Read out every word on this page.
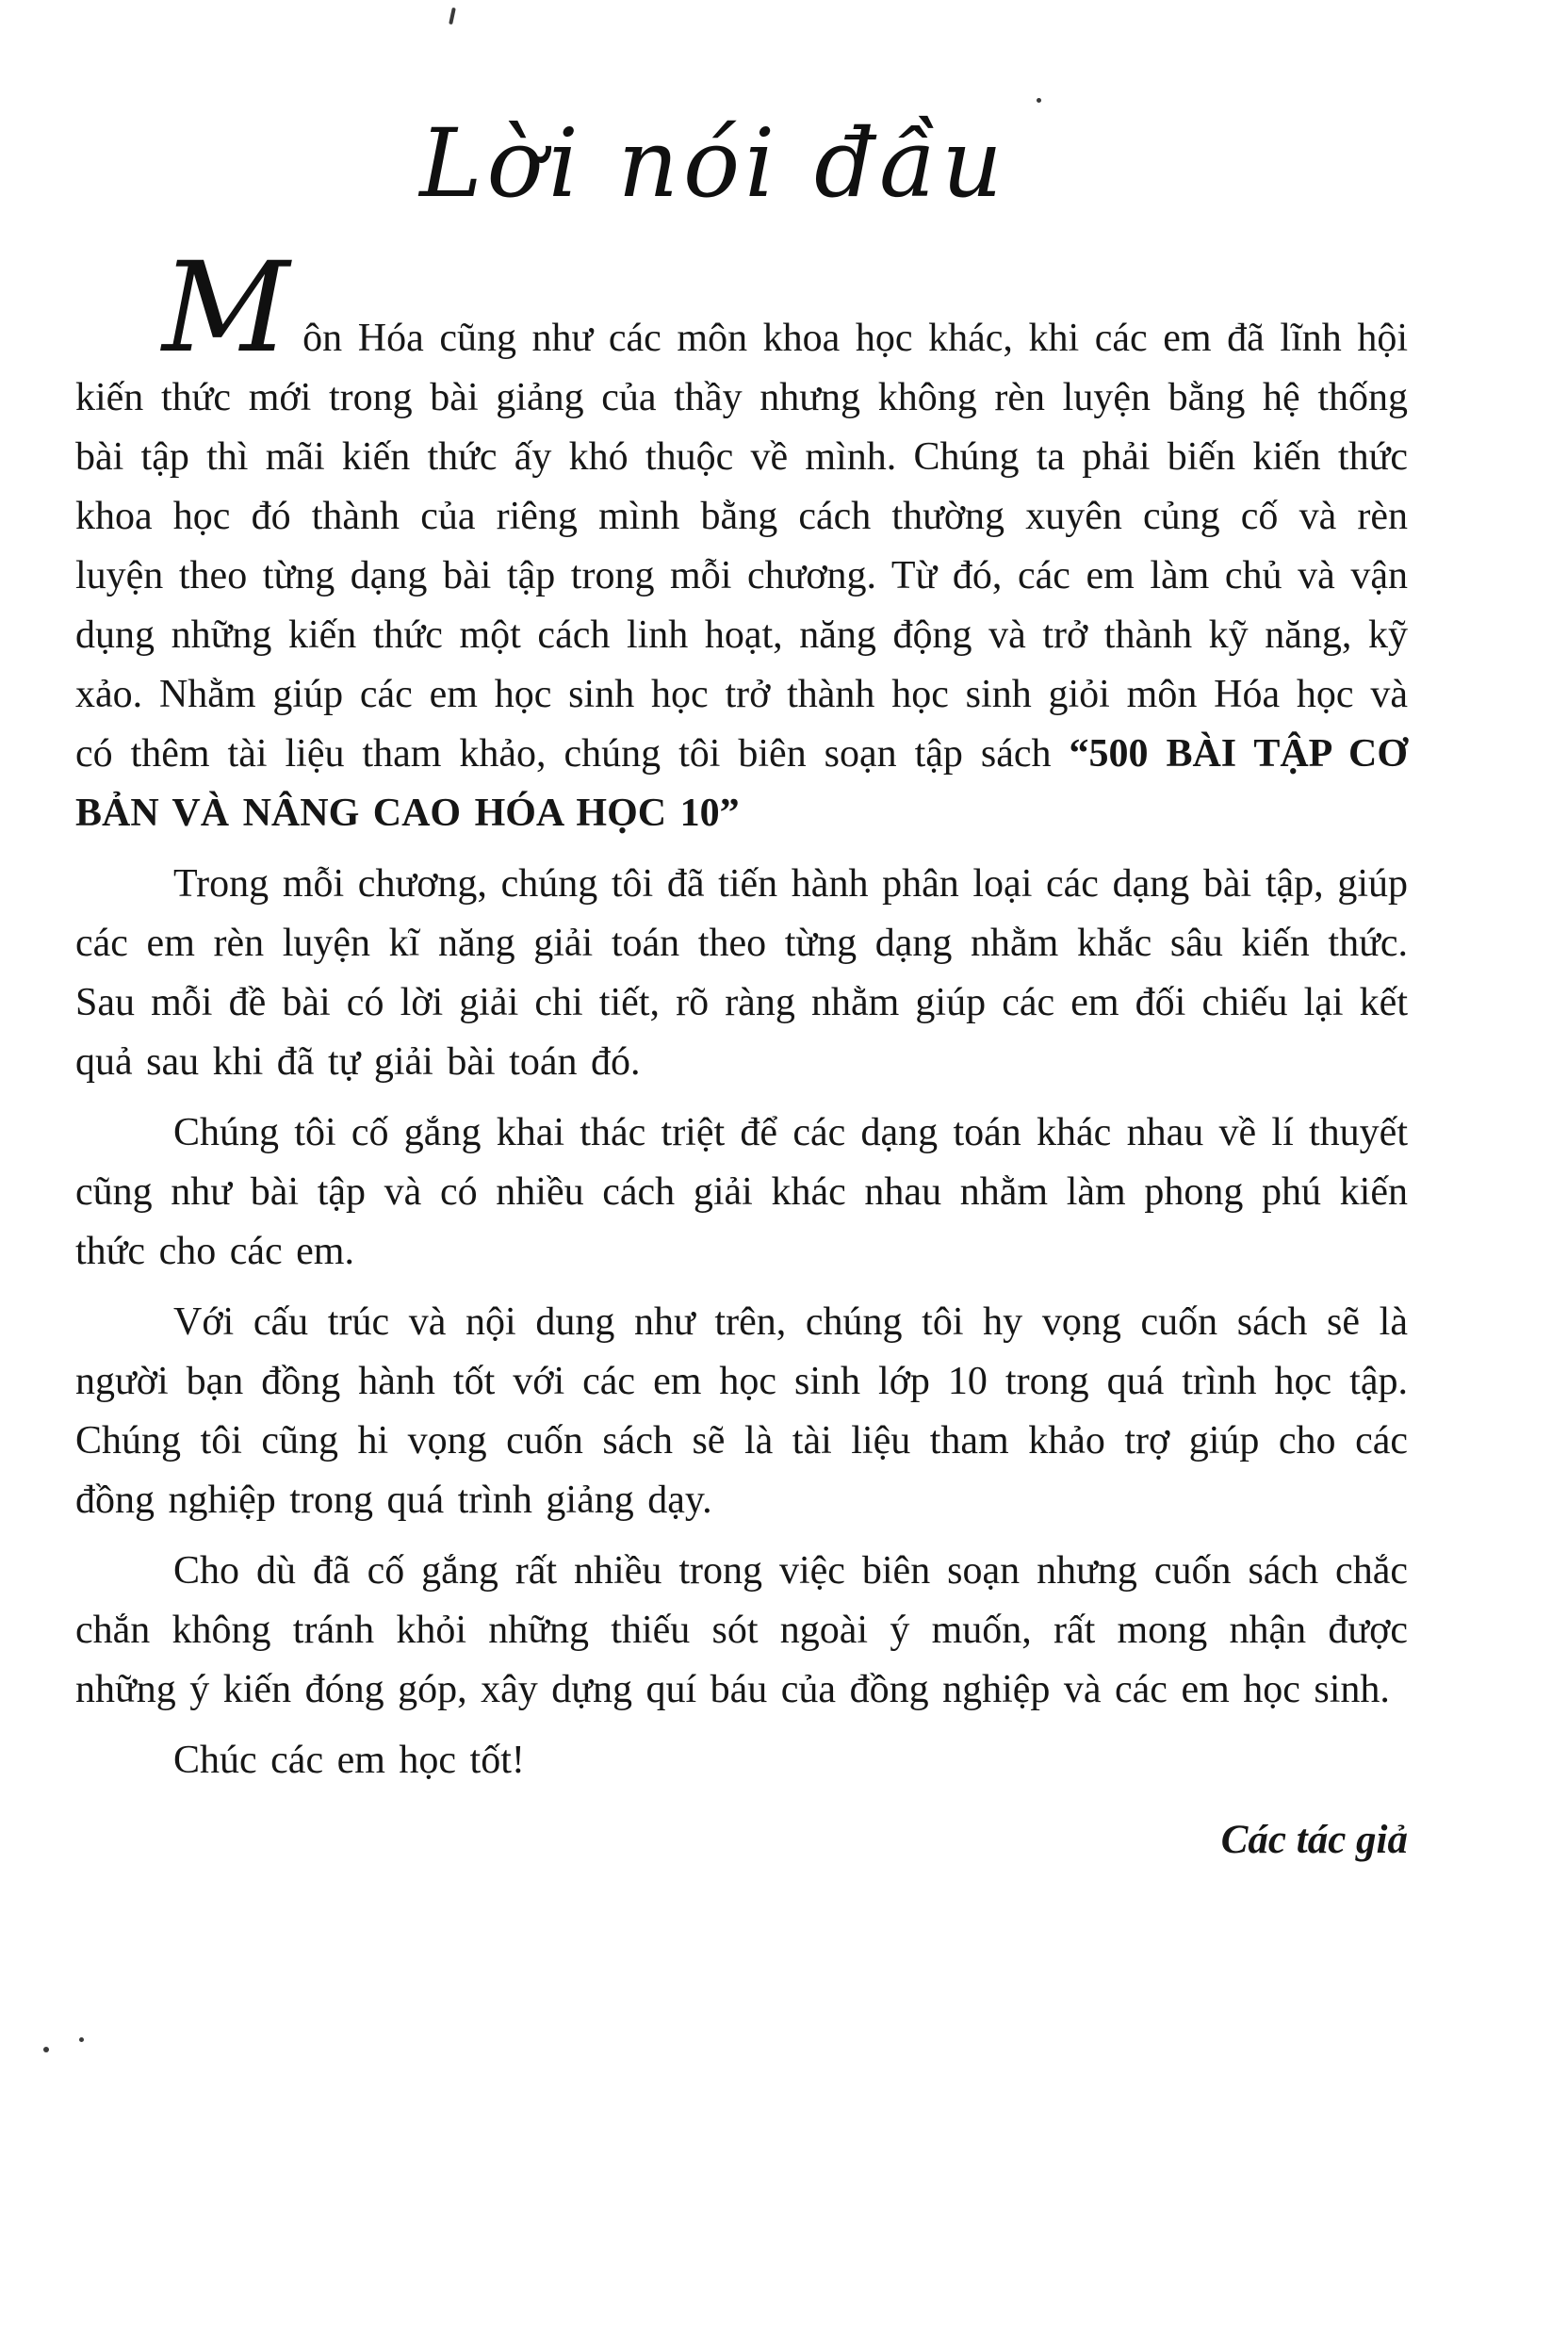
Lời nói đầu

Môn Hóa cũng như các môn khoa học khác, khi các em đã lĩnh hội kiến thức mới trong bài giảng của thầy nhưng không rèn luyện bằng hệ thống bài tập thì mãi kiến thức ấy khó thuộc về mình. Chúng ta phải biến kiến thức khoa học đó thành của riêng mình bằng cách thường xuyên củng cố và rèn luyện theo từng dạng bài tập trong mỗi chương. Từ đó, các em làm chủ và vận dụng những kiến thức một cách linh hoạt, năng động và trở thành kỹ năng, kỹ xảo. Nhằm giúp các em học sinh học trở thành học sinh giỏi môn Hóa học và có thêm tài liệu tham khảo, chúng tôi biên soạn tập sách “500 BÀI TẬP CƠ BẢN VÀ NÂNG CAO HÓA HỌC 10”

Trong mỗi chương, chúng tôi đã tiến hành phân loại các dạng bài tập, giúp các em rèn luyện kĩ năng giải toán theo từng dạng nhằm khắc sâu kiến thức. Sau mỗi đề bài có lời giải chi tiết, rõ ràng nhằm giúp các em đối chiếu lại kết quả sau khi đã tự giải bài toán đó.

Chúng tôi cố gắng khai thác triệt để các dạng toán khác nhau về lí thuyết cũng như bài tập và có nhiều cách giải khác nhau nhằm làm phong phú kiến thức cho các em.

Với cấu trúc và nội dung như trên, chúng tôi hy vọng cuốn sách sẽ là người bạn đồng hành tốt với các em học sinh lớp 10 trong quá trình học tập. Chúng tôi cũng hi vọng cuốn sách sẽ là tài liệu tham khảo trợ giúp cho các đồng nghiệp trong quá trình giảng dạy.

Cho dù đã cố gắng rất nhiều trong việc biên soạn nhưng cuốn sách chắc chắn không tránh khỏi những thiếu sót ngoài ý muốn, rất mong nhận được những ý kiến đóng góp, xây dựng quí báu của đồng nghiệp và các em học sinh.

Chúc các em học tốt!

Các tác giả
